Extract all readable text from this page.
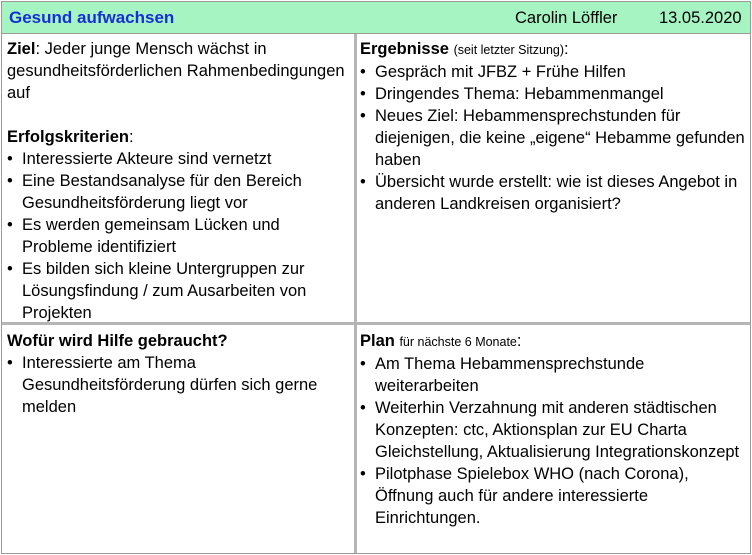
Gesund aufwachsen	Carolin Löffler	13.05.2020
Ziel: Jeder junge Mensch wächst in gesundheitsförderlichen Rahmenbedingungen auf
Erfolgskriterien:
• Interessierte Akteure sind vernetzt
• Eine Bestandsanalyse für den Bereich Gesundheitsförderung liegt vor
• Es werden gemeinsam Lücken und Probleme identifiziert
• Es bilden sich kleine Untergruppen zur Lösungsfindung / zum Ausarbeiten von Projekten
Ergebnisse (seit letzter Sitzung):
• Gespräch mit JFBZ + Frühe Hilfen
• Dringendes Thema: Hebammenmangel
• Neues Ziel: Hebammensprechstunden für diejenigen, die keine „eigene“ Hebamme gefunden haben
• Übersicht wurde erstellt: wie ist dieses Angebot in anderen Landkreisen organisiert?
Wofür wird Hilfe gebraucht?
• Interessierte am Thema Gesundheitsförderung dürfen sich gerne melden
Plan für nächste 6 Monate:
• Am Thema Hebammensprechstunde weiterarbeiten
• Weiterhin Verzahnung mit anderen städtischen Konzepten: ctc, Aktionsplan zur EU Charta Gleichstellung, Aktualisierung Integrationskonzept
• Pilotphase Spielebox WHO (nach Corona), Öffnung auch für andere interessierte Einrichtungen.
